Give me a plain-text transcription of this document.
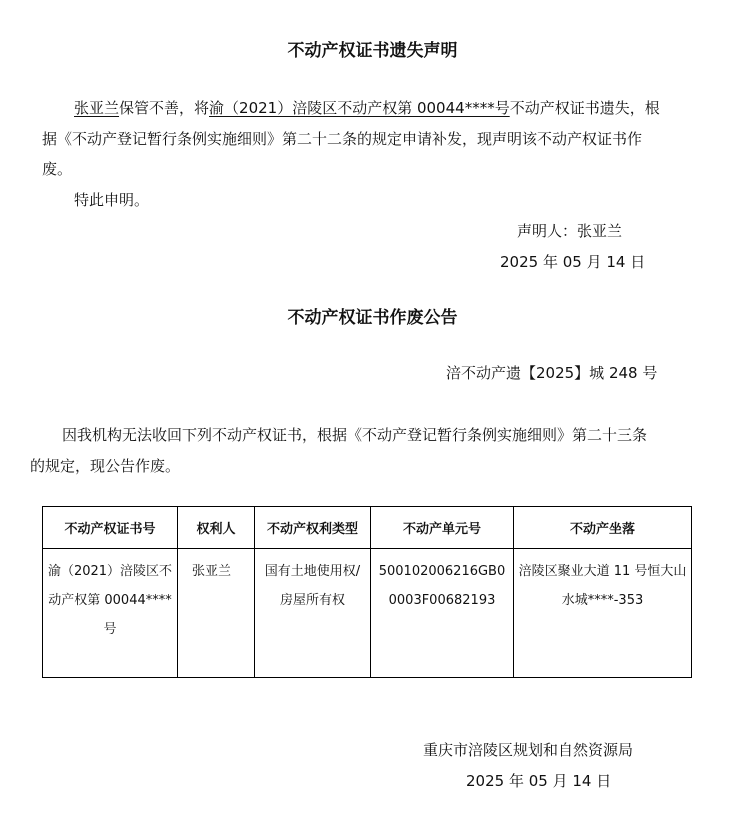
不动产权证书遗失声明
张亚兰保管不善，将渝（2021）涪陵区不动产权第 00044****号不动产权证书遗失，根
据《不动产登记暂行条例实施细则》第二十二条的规定申请补发，现声明该不动产权证书作
废。
特此申明。
声明人：张亚兰
2025 年 05 月 14 日
不动产权证书作废公告
涪不动产遗【2025】城 248 号
因我机构无法收回下列不动产权证书，根据《不动产登记暂行条例实施细则》第二十三条
的规定，现公告作废。
不动产权证书号	权利人	不动产权利类型	不动产单元号	不动产坐落
渝（2021）涪陵区不动产权第 00044****号	张亚兰	国有土地使用权/房屋所有权	500102006216GB00003F00682193	涪陵区聚业大道 11 号恒大山水城****-353
重庆市涪陵区规划和自然资源局
2025 年 05 月 14 日
